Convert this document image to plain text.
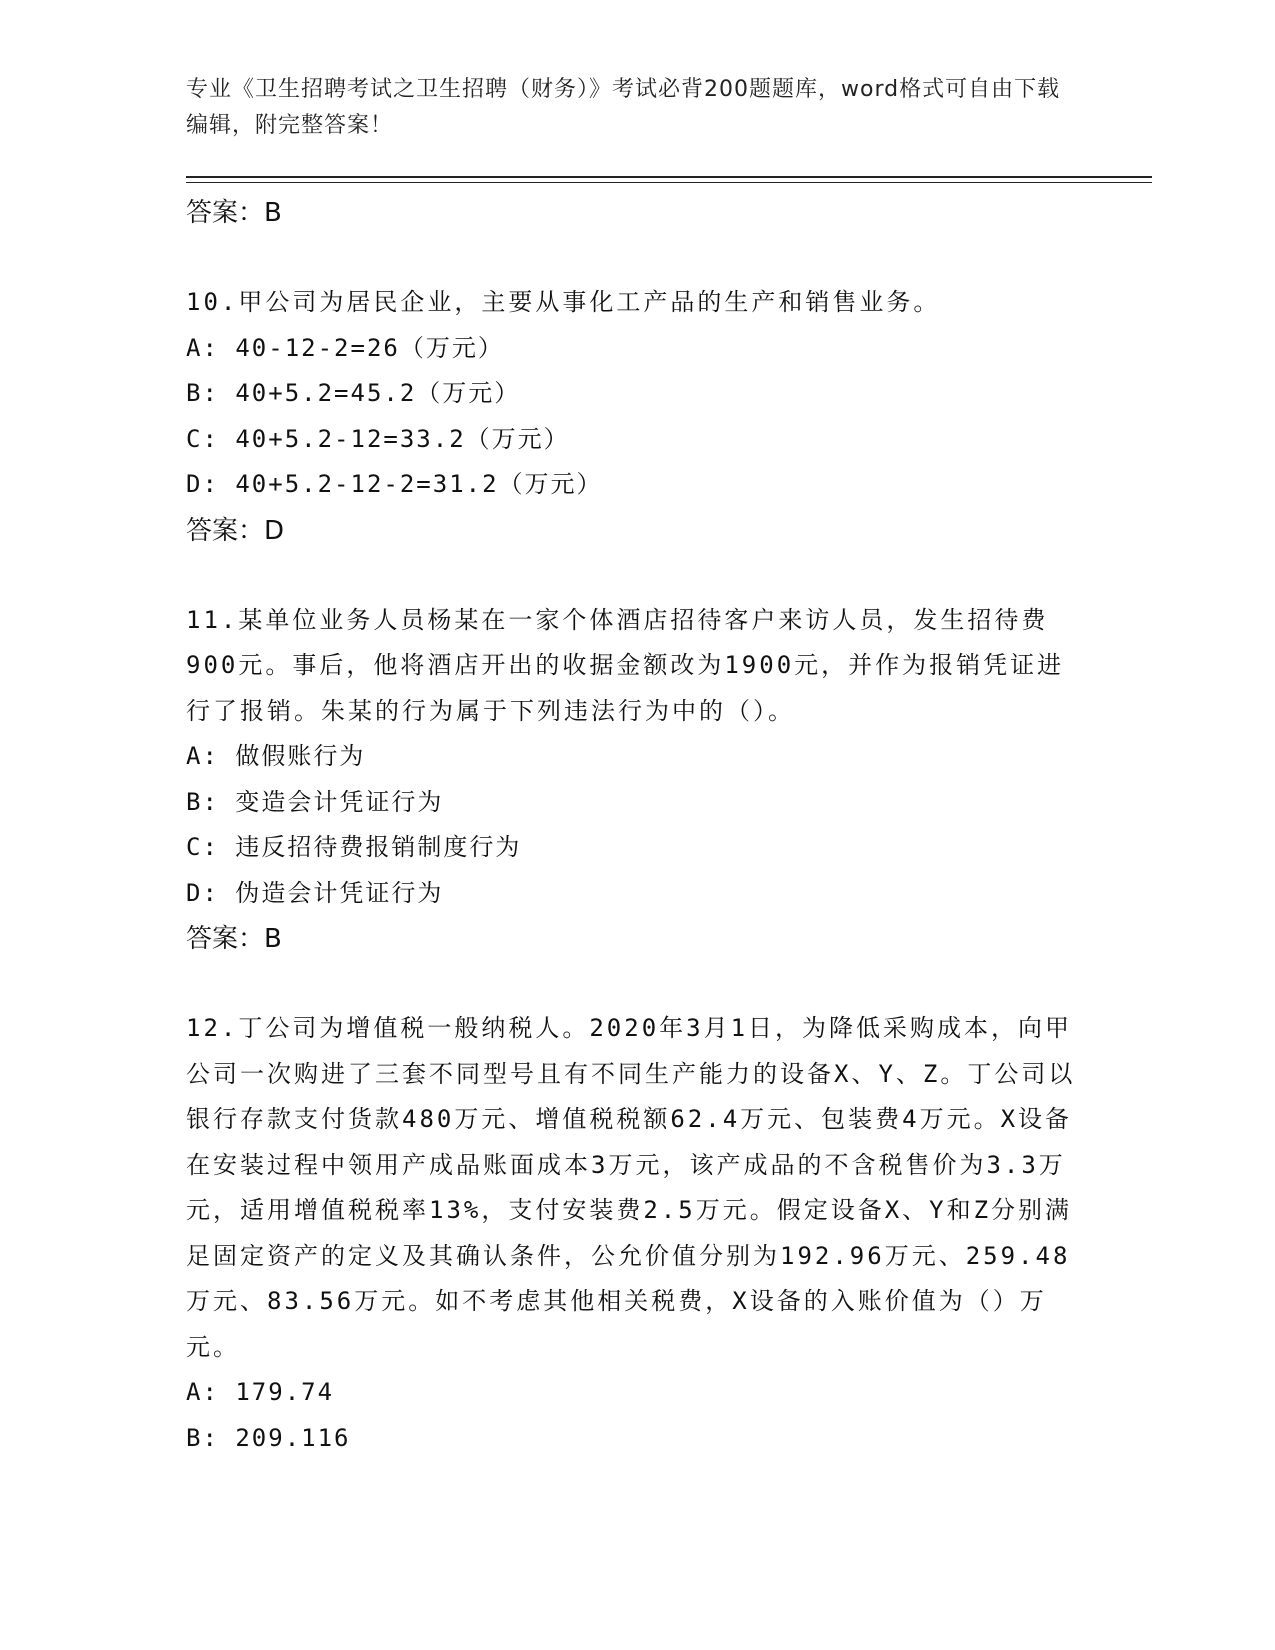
专业《卫生招聘考试之卫生招聘（财务）》考试必背200题题库，word格式可自由下载编辑，附完整答案！
答案：B

10.甲公司为居民企业，主要从事化工产品的生产和销售业务。

A: 40-12-2=26（万元）
B: 40+5.2=45.2（万元）
C: 40+5.2-12=33.2（万元）
D: 40+5.2-12-2=31.2（万元）
答案：D

11.某单位业务人员杨某在一家个体酒店招待客户来访人员，发生招待费900元。事后，他将酒店开出的收据金额改为1900元，并作为报销凭证进行了报销。朱某的行为属于下列违法行为中的（）。

A: 做假账行为
B: 变造会计凭证行为
C: 违反招待费报销制度行为
D: 伪造会计凭证行为
答案：B

12.丁公司为增值税一般纳税人。2020年3月1日，为降低采购成本，向甲公司一次购进了三套不同型号且有不同生产能力的设备X、Y、Z。丁公司以银行存款支付货款480万元、增值税税额62.4万元、包装费4万元。X设备在安装过程中领用产成品账面成本3万元，该产成品的不含税售价为3.3万元，适用增值税税率13%，支付安装费2.5万元。假定设备X、Y和Z分别满足固定资产的定义及其确认条件，公允价值分别为192.96万元、259.48万元、83.56万元。如不考虑其他相关税费，X设备的入账价值为（）万元。

A: 179.74
B: 209.116
